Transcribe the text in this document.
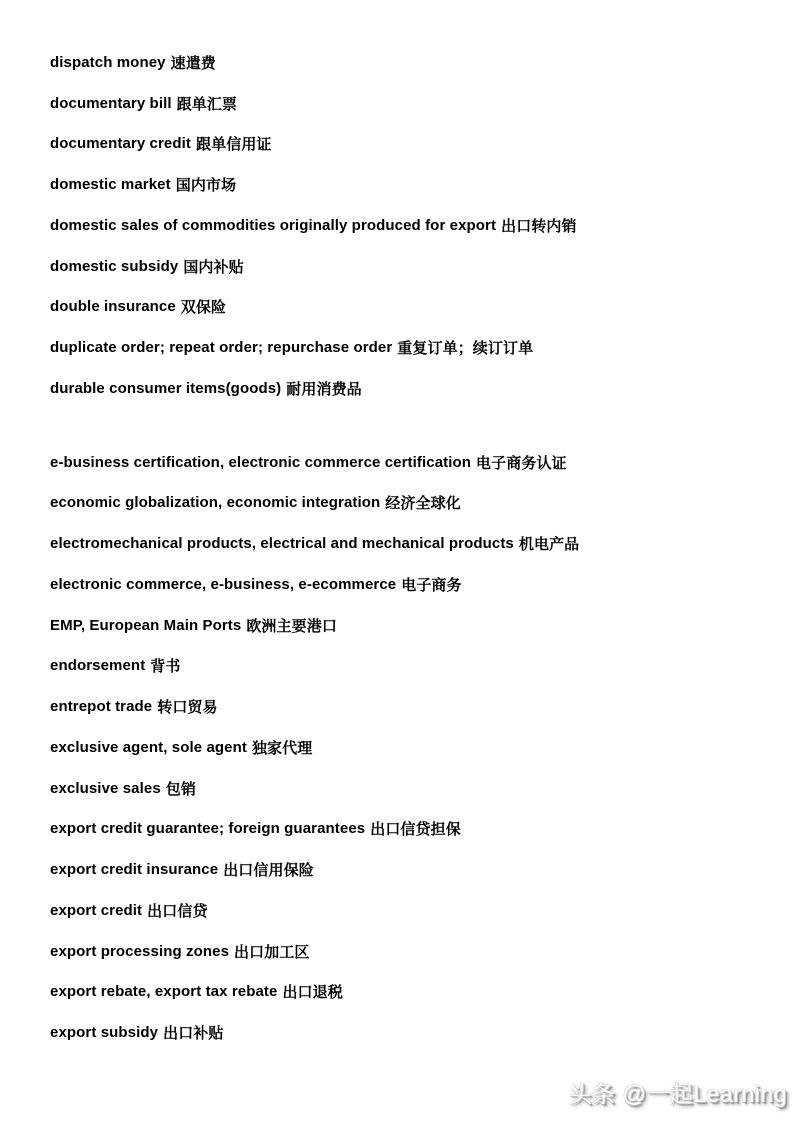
dispatch money 速遣费

documentary bill 跟单汇票

documentary credit 跟单信用证

domestic market 国内市场

domestic sales of commodities originally produced for export 出口转内销

domestic subsidy 国内补贴

double insurance 双保险

duplicate order; repeat order; repurchase order 重复订单；续订订单

durable consumer items(goods) 耐用消费品

e-business certification, electronic commerce certification 电子商务认证

economic globalization, economic integration 经济全球化

electromechanical products, electrical and mechanical products 机电产品

electronic commerce, e-business, e-ecommerce 电子商务

EMP, European Main Ports 欧洲主要港口

endorsement 背书

entrepot trade 转口贸易

exclusive agent, sole agent 独家代理

exclusive sales 包销

export credit guarantee; foreign guarantees 出口信贷担保

export credit insurance 出口信用保险

export credit 出口信贷

export processing zones 出口加工区

export rebate, export tax rebate 出口退税

export subsidy 出口补贴

头条 @一起Learning
